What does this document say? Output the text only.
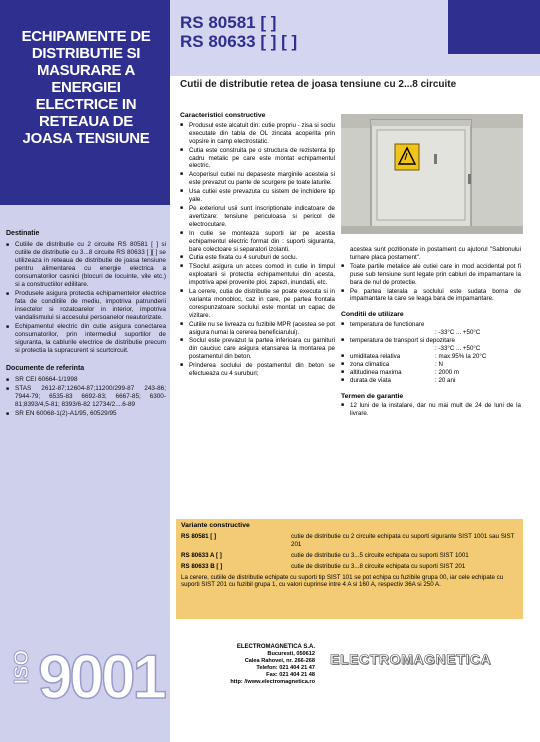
ECHIPAMENTE DE
DISTRIBUTIE SI
MASURARE A
ENERGIEI
ELECTRICE IN
RETEAUA DE
JOASA TENSIUNE
Destinatie
■ Cutiile de distributie cu 2 circuite RS 80581 [ ] si cutiile de distributie cu 3...8 circuite RS 80633 [ ][ ] se utilizeaza in reteaua de distributie de joasa tensiune pentru alimentarea cu energie electrica a consumatorilor casnici (blocuri de locuinte, vile etc.) si a constructiilor edilitare.
■ Produsele asigura protectia echipamentelor electrice fata de conditiile de mediu, impotriva patrunderii insectelor si rozatoarelor in interior, impotriva vandalismului si accesului persoanelor neautorizate.
■ Echipamentul electric din cutie asigura conectarea consumatorilor, prin intermediul suportilor de siguranta, la cablurile electrice de distributie precum si protectia la supracurent si scurtcircuit.
Documente de referinta
■ SR CEI 60664-1/1998
■ STAS 2612-87;12604-87;11200/299-87 243-86; 7944-79; 6535-83 6692-83; 6667-85; 6300-81;8393/4,5-81; 8393/6-82 12734/2....6-89
■ SR EN 60068-1(2)-A1/95, 60529/95
ISO 9001
RS 80581 [ ]
RS 80633 [ ] [ ]
Cutii de distributie retea de joasa tensiune cu 2...8 circuite
Caracteristici constructive
■ Produsul este alcatuit din: cutie propriu - zisa si soclu executate din tabla de OL zincata acoperita prin vopsire in camp electrostatic.
■ Cutia este construita pe o structura de rezistenta tip cadru metalic pe care este montat echipamentul electric.
■ Acoperisul cutiei nu depaseste marginile acesteia si este prevazut cu pante de scurgere pe toate laturile.
■ Usa cutiei este prevazuta cu sistem de inchidere tip yale.
■ Pe exteriorul usii sunt inscriptionate indicatoare de avertizare: tensiune periculoasa si pericol de electrocutare.
■ In cutie se monteaza suporti iar pe acestia echipamentul electric format din : suporti siguranta, bare colectoare si separatori izolanti.
■ Cutia este fixata cu 4 suruburi de soclu.
■ TSoclul asigura un acces comod in cutie in timpul exploatarii si protectia echipamentului din acesta, impotriva apei provenite ploi, zapezi, inundatii, etc.
■ La cerere, cutia de distributie se poate executa si in varianta monobloc, caz in care, pe partea frontala corespunzatoare soclului este montat un capac de vizitare.
■ Cutiile nu se livreaza cu fuzibile MPR (acestea se pot asigura numai la cererea beneficiarului).
■ Soclul este prevazut la partea inferioara cu garnituri din cauciuc care asigura etansarea la montarea pe postamentul din beton.
■ Prinderea soclului de postamentul din beton se efectueaza cu 4 suruburi;
acestea sunt pozitionate in postament cu ajutorul "Sablonului turnare placa postament".
■ Toate partile metalice ale cutiei care in mod accidental pot fi puse sub tensiune sunt legate prin cabluri de impamantare la bara de nul de protectie.
■ Pe partea laterala a soclului este sudata borna de impamantare la care se leaga bara de impamantare.
Conditii de utilizare
■ temperatura de functionare
: -33°C ... +50°C
■ temperatura de transport si depozitare
: -33°C ... +50°C
■ umiditatea relativa	: max.95% la 20°C
■ zona climatica	: N
■ altitudinea maxima	: 2000 m
■ durata de viata	: 20 ani
Termen de garantie
■ 12 luni de la instalare, dar nu mai mult de 24 de luni de la livrare.
Variante constructive
RS 80581 [ ]	cutie de distributie cu 2 circuite echipata cu suporti sigurante SIST 1001 sau SIST 201
RS 80633 A [ ]	cutie de distributie cu 3...5 circuite echipata cu suporti SIST 1001
RS 80633 B [ ]	cutie de distributie cu 3...8 circuite echipata cu suporti SIST 201
La cerere, cutiile de distributie echipate cu suporti tip SIST 101 se pot echipa cu fuzibile grupa 00, iar cele echipate cu suporti SIST 201 cu fuzibil grupa 1, cu valori cuprinse intre 4 A si 160 A, respectiv 36A si 250 A.
ELECTROMAGNETICA S.A.
Bucuresti, 050612
Calea Rahovei, nr. 266-268
Telefon: 021 404 21 47
Fax: 021 404 21 48
http: //www.electromagnetica.ro
ELECTROMAGNETICA
